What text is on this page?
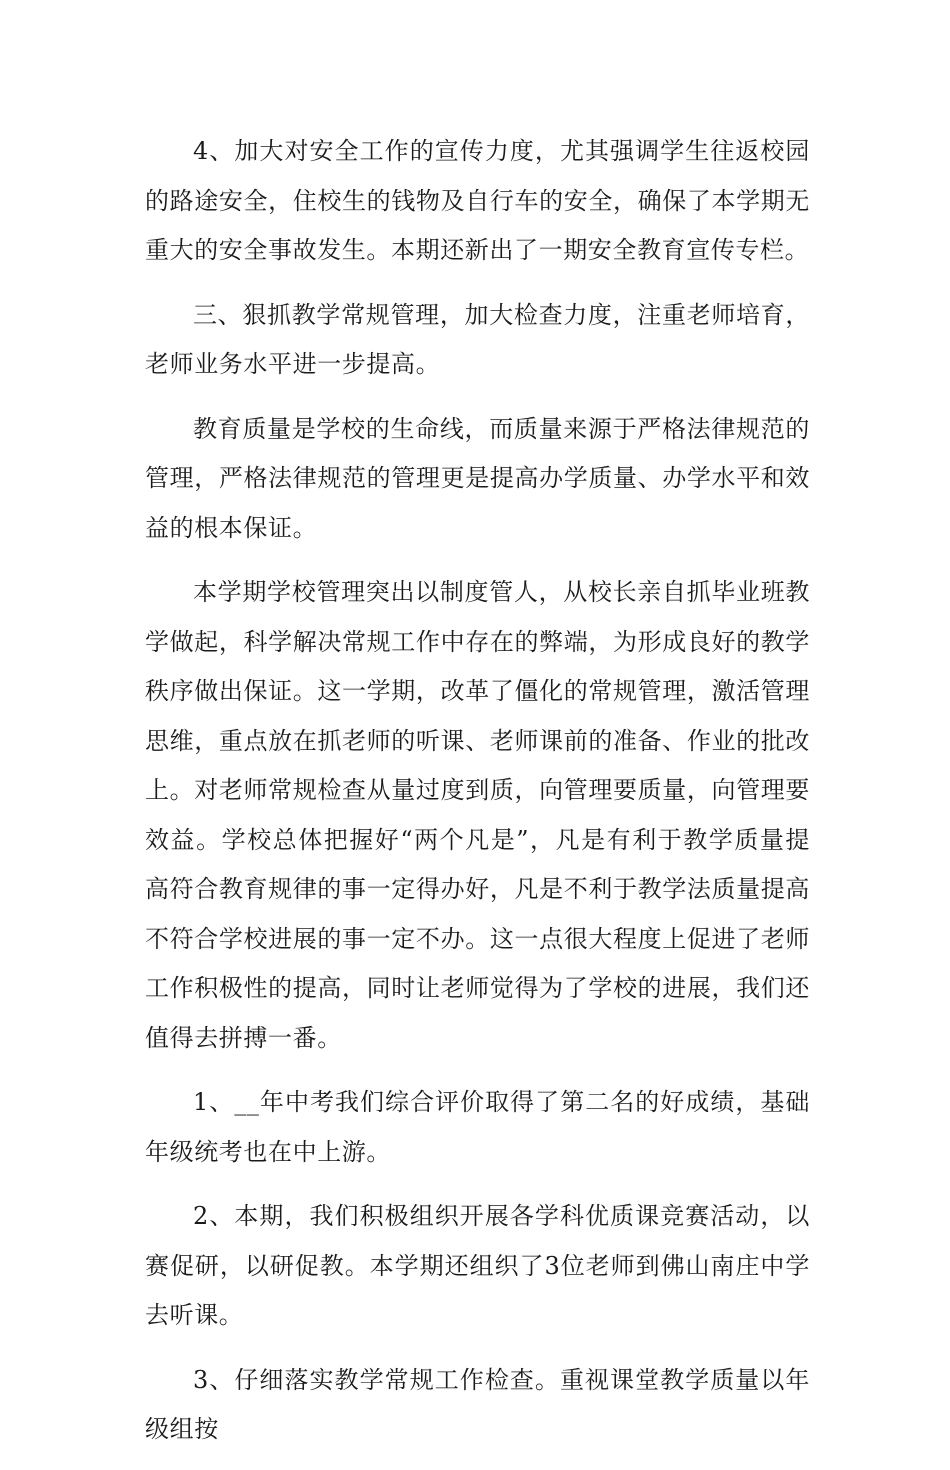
4、加大对安全工作的宣传力度，尤其强调学生往返校园的路途安全，住校生的钱物及自行车的安全，确保了本学期无重大的安全事故发生。本期还新出了一期安全教育宣传专栏。

三、狠抓教学常规管理，加大检查力度，注重老师培育，老师业务水平进一步提高。

教育质量是学校的生命线，而质量来源于严格法律规范的管理，严格法律规范的管理更是提高办学质量、办学水平和效益的根本保证。

本学期学校管理突出以制度管人，从校长亲自抓毕业班教学做起，科学解决常规工作中存在的弊端，为形成良好的教学秩序做出保证。这一学期，改革了僵化的常规管理，激活管理思维，重点放在抓老师的听课、老师课前的准备、作业的批改上。对老师常规检查从量过度到质，向管理要质量，向管理要效益。学校总体把握好“两个凡是”，凡是有利于教学质量提高符合教育规律的事一定得办好，凡是不利于教学法质量提高不符合学校进展的事一定不办。这一点很大程度上促进了老师工作积极性的提高，同时让老师觉得为了学校的进展，我们还值得去拼搏一番。

1、__年中考我们综合评价取得了第二名的好成绩，基础年级统考也在中上游。

2、本期，我们积极组织开展各学科优质课竞赛活动，以赛促研，以研促教。本学期还组织了3位老师到佛山南庄中学去听课。

3、仔细落实教学常规工作检查。重视课堂教学质量以年级组按
